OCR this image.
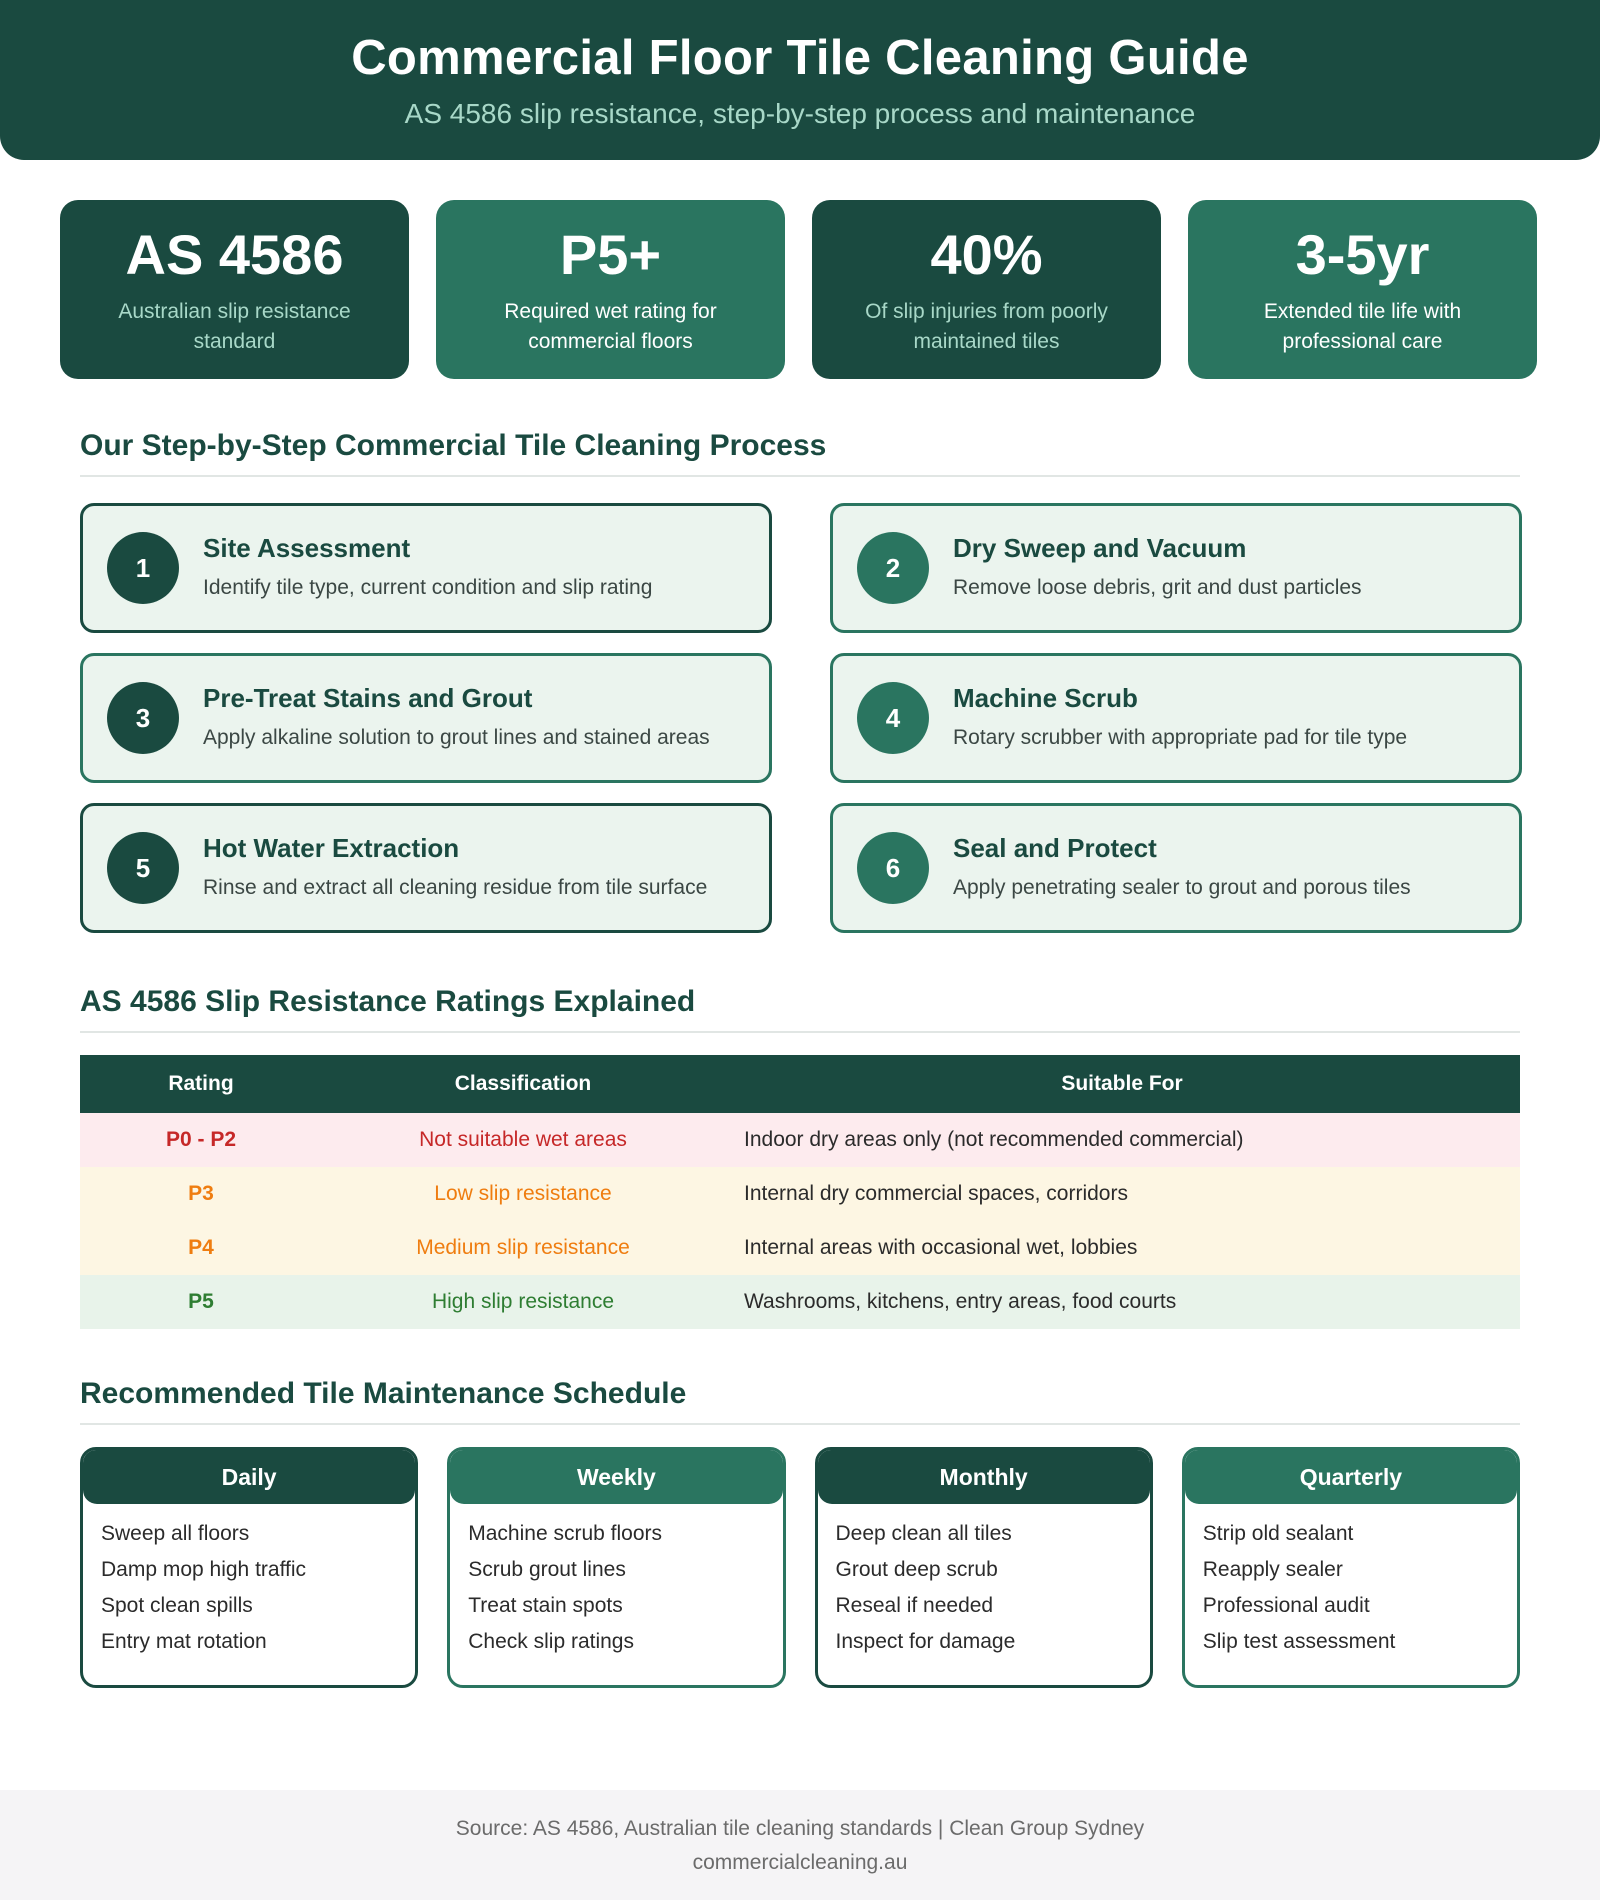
Commercial Floor Tile Cleaning Guide
AS 4586 slip resistance, step-by-step process and maintenance
AS 4586
Australian slip resistance standard
P5+
Required wet rating for commercial floors
40%
Of slip injuries from poorly maintained tiles
3-5yr
Extended tile life with professional care
Our Step-by-Step Commercial Tile Cleaning Process
1
Site Assessment
Identify tile type, current condition and slip rating
2
Dry Sweep and Vacuum
Remove loose debris, grit and dust particles
3
Pre-Treat Stains and Grout
Apply alkaline solution to grout lines and stained areas
4
Machine Scrub
Rotary scrubber with appropriate pad for tile type
5
Hot Water Extraction
Rinse and extract all cleaning residue from tile surface
6
Seal and Protect
Apply penetrating sealer to grout and porous tiles
AS 4586 Slip Resistance Ratings Explained
Rating	Classification	Suitable For
P0 - P2	Not suitable wet areas	Indoor dry areas only (not recommended commercial)
P3	Low slip resistance	Internal dry commercial spaces, corridors
P4	Medium slip resistance	Internal areas with occasional wet, lobbies
P5	High slip resistance	Washrooms, kitchens, entry areas, food courts
Recommended Tile Maintenance Schedule
Daily
Sweep all floors
Damp mop high traffic
Spot clean spills
Entry mat rotation
Weekly
Machine scrub floors
Scrub grout lines
Treat stain spots
Check slip ratings
Monthly
Deep clean all tiles
Grout deep scrub
Reseal if needed
Inspect for damage
Quarterly
Strip old sealant
Reapply sealer
Professional audit
Slip test assessment
Source: AS 4586, Australian tile cleaning standards | Clean Group Sydney
commercialcleaning.au
